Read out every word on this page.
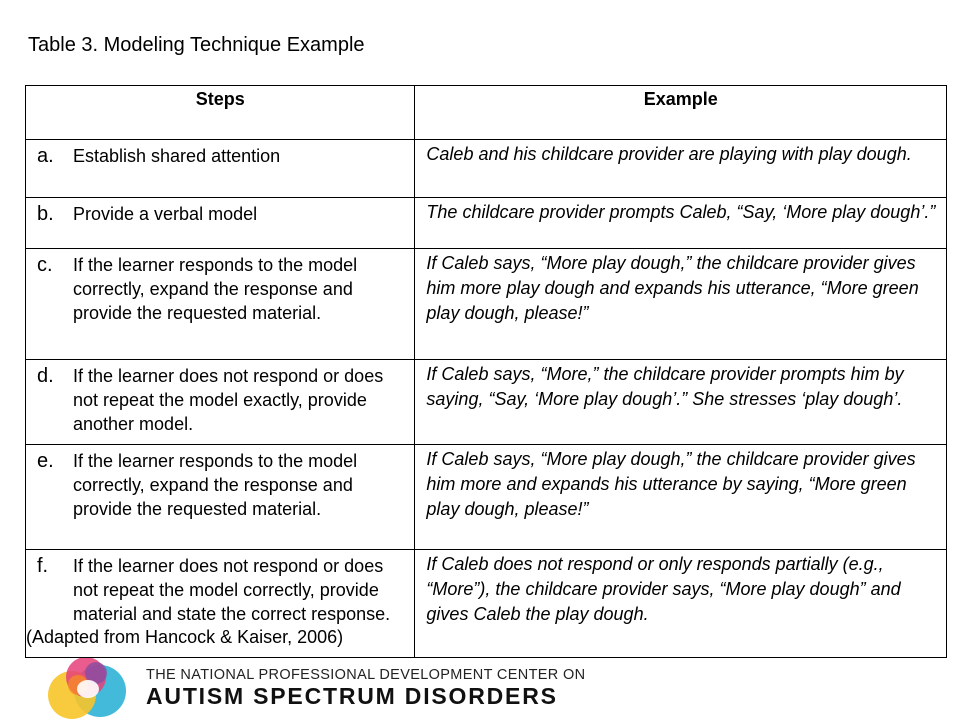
Table 3. Modeling Technique Example
Steps	Example

a. Establish shared attention	Caleb and his childcare provider are playing with play dough.

b. Provide a verbal model	The childcare provider prompts Caleb, “Say, ‘More play dough’.”

c. If the learner responds to the model correctly, expand the response and provide the requested material.	If Caleb says, “More play dough,” the childcare provider gives him more play dough and expands his utterance, “More green play dough, please!”

d. If the learner does not respond or does not repeat the model exactly, provide another model.	If Caleb says, “More,” the childcare provider prompts him by saying, “Say, ‘More play dough’.” She stresses ‘play dough’.

e. If the learner responds to the model correctly, expand the response and provide the requested material.	If Caleb says, “More play dough,” the childcare provider gives him more and expands his utterance by saying, “More green play dough, please!”

f. If the learner does not respond or does not repeat the model correctly, provide material and state the correct response.	If Caleb does not respond or only responds partially (e.g., “More”), the childcare provider says, “More play dough” and gives Caleb the play dough.
(Adapted from Hancock & Kaiser, 2006)
THE NATIONAL PROFESSIONAL DEVELOPMENT CENTER ON
AUTISM SPECTRUM DISORDERS
